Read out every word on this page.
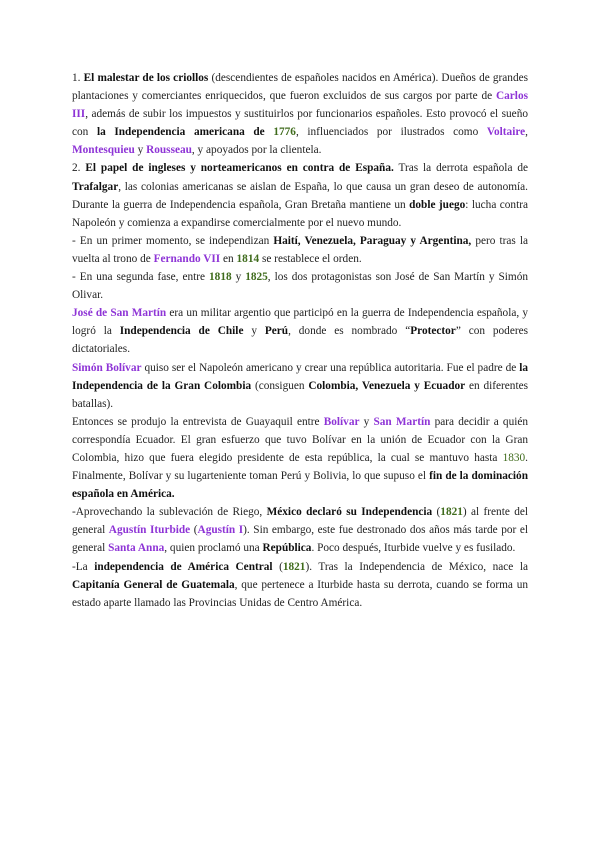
1. El malestar de los criollos (descendientes de españoles nacidos en América). Dueños de grandes plantaciones y comerciantes enriquecidos, que fueron excluidos de sus cargos por parte de Carlos III, además de subir los impuestos y sustituirlos por funcionarios españoles. Esto provocó el sueño con la Independencia americana de 1776, influenciados por ilustrados como Voltaire, Montesquieu y Rousseau, y apoyados por la clientela.

2. El papel de ingleses y norteamericanos en contra de España. Tras la derrota española de Trafalgar, las colonias americanas se aislan de España, lo que causa un gran deseo de autonomía. Durante la guerra de Independencia española, Gran Bretaña mantiene un doble juego: lucha contra Napoleón y comienza a expandirse comercialmente por el nuevo mundo.

- En un primer momento, se independizan Haití, Venezuela, Paraguay y Argentina, pero tras la vuelta al trono de Fernando VII en 1814 se restablece el orden.

- En una segunda fase, entre 1818 y 1825, los dos protagonistas son José de San Martín y Simón Olivar.

José de San Martín era un militar argentio que participó en la guerra de Independencia española, y logró la Independencia de Chile y Perú, donde es nombrado “Protector” con poderes dictatoriales.

Simón Bolívar quiso ser el Napoleón americano y crear una república autoritaria. Fue el padre de la Independencia de la Gran Colombia (consiguen Colombia, Venezuela y Ecuador en diferentes batallas).

Entonces se produjo la entrevista de Guayaquil entre Bolívar y San Martín para decidir a quién correspondía Ecuador. El gran esfuerzo que tuvo Bolívar en la unión de Ecuador con la Gran Colombia, hizo que fuera elegido presidente de esta república, la cual se mantuvo hasta 1830. Finalmente, Bolívar y su lugarteniente toman Perú y Bolivia, lo que supuso el fin de la dominación española en América.

-Aprovechando la sublevación de Riego, México declaró su Independencia (1821) al frente del general Agustín Iturbide (Agustín I). Sin embargo, este fue destronado dos años más tarde por el general Santa Anna, quien proclamó una República. Poco después, Iturbide vuelve y es fusilado.

-La independencia de América Central (1821). Tras la Independencia de México, nace la Capitanía General de Guatemala, que pertenece a Iturbide hasta su derrota, cuando se forma un estado aparte llamado las Provincias Unidas de Centro América.
